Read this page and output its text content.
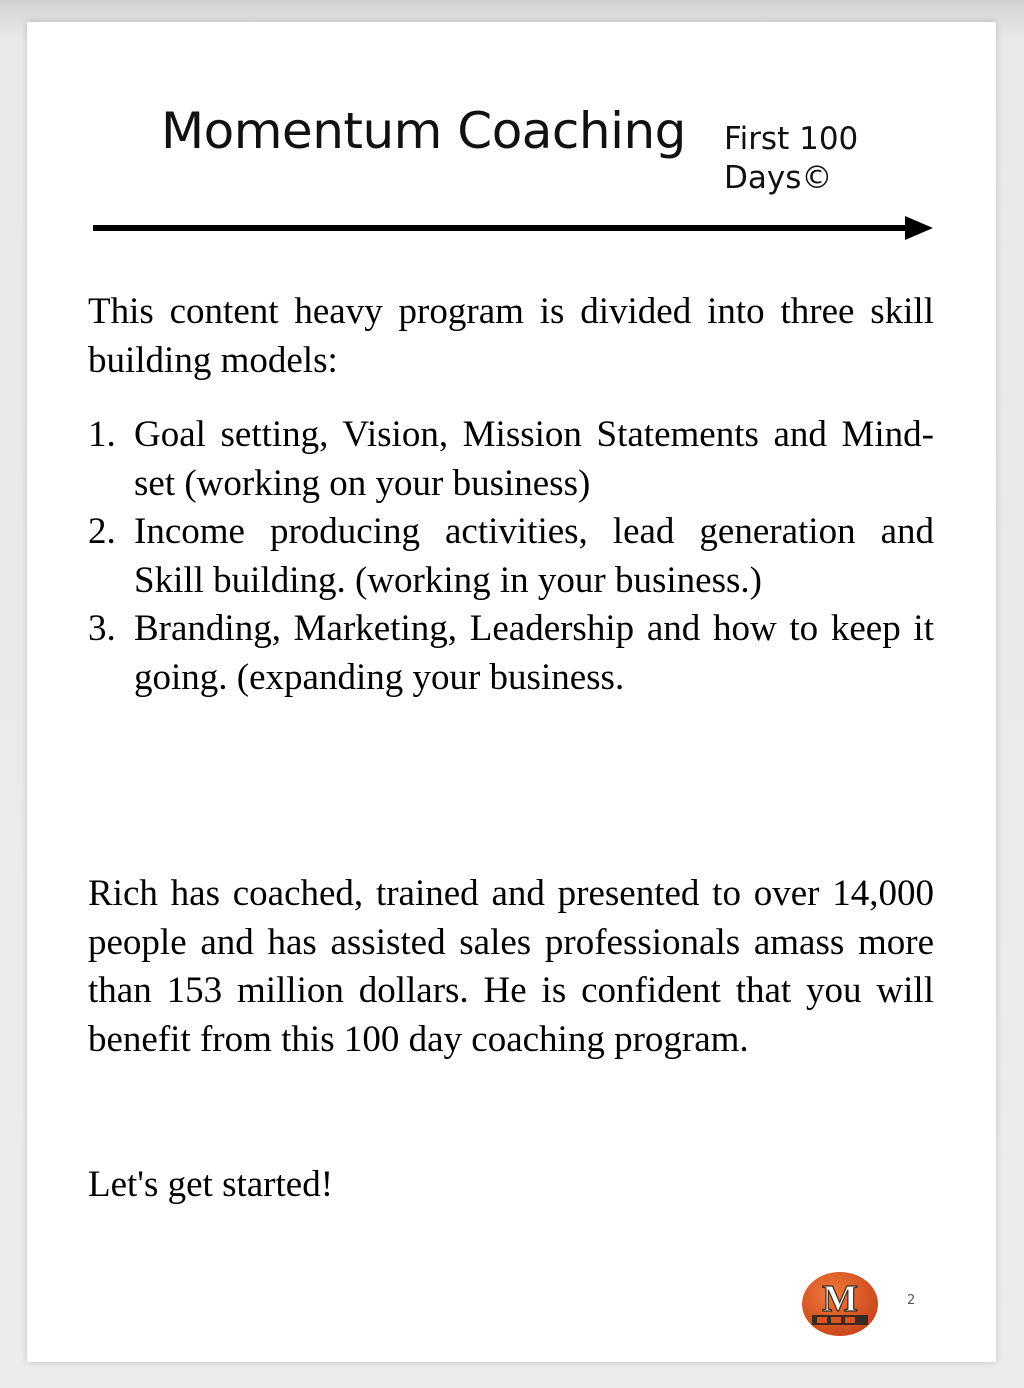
Momentum Coaching First 100 Days©

This content heavy program is divided into three skill building models:

1. Goal setting, Vision, Mission Statements and Mind-set (working on your business)
2. Income producing activities, lead generation and Skill building. (working in your business.)
3. Branding, Marketing, Leadership and how to keep it going. (expanding your business.

Rich has coached, trained and presented to over 14,000 people and has assisted sales professionals amass more than 153 million dollars. He is confident that you will benefit from this 100 day coaching program.

Let's get started!

M	2
